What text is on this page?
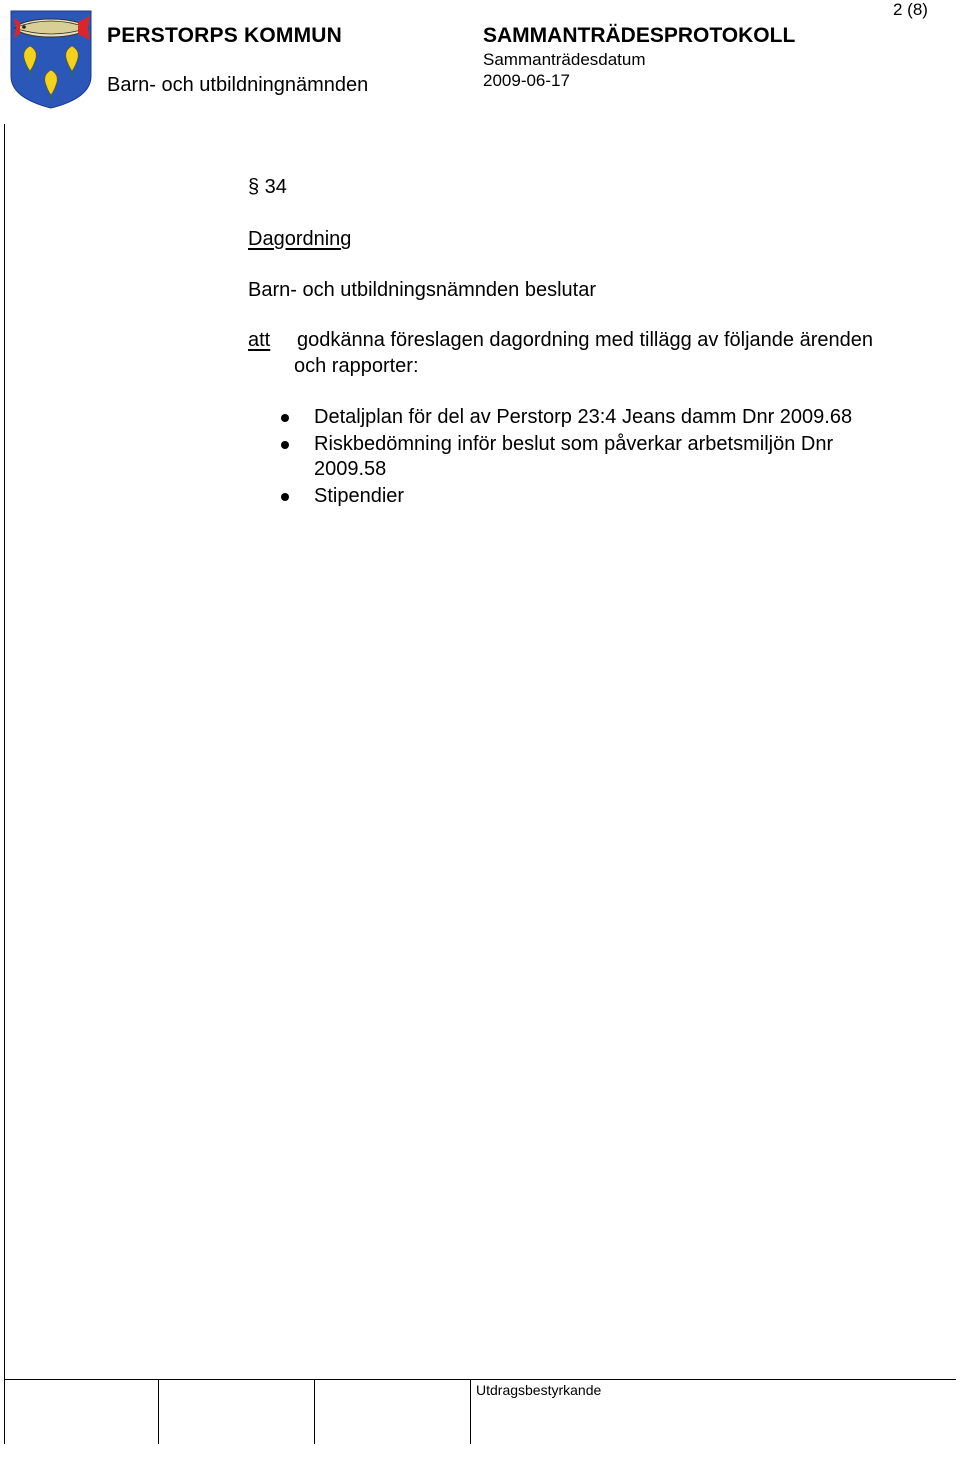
PERSTORPS KOMMUN
Barn- och utbildningnämnden
SAMMANTRÄDESPROTOKOLL
Sammanträdesdatum
2009-06-17
2 (8)
§ 34
Dagordning
Barn- och utbildningsnämnden beslutar
att godkänna föreslagen dagordning med tillägg av följande ärenden
och rapporter:
Detaljplan för del av Perstorp 23:4 Jeans damm Dnr 2009.68
Riskbedömning inför beslut som påverkar arbetsmiljön Dnr
2009.58
Stipendier
Utdragsbestyrkande
